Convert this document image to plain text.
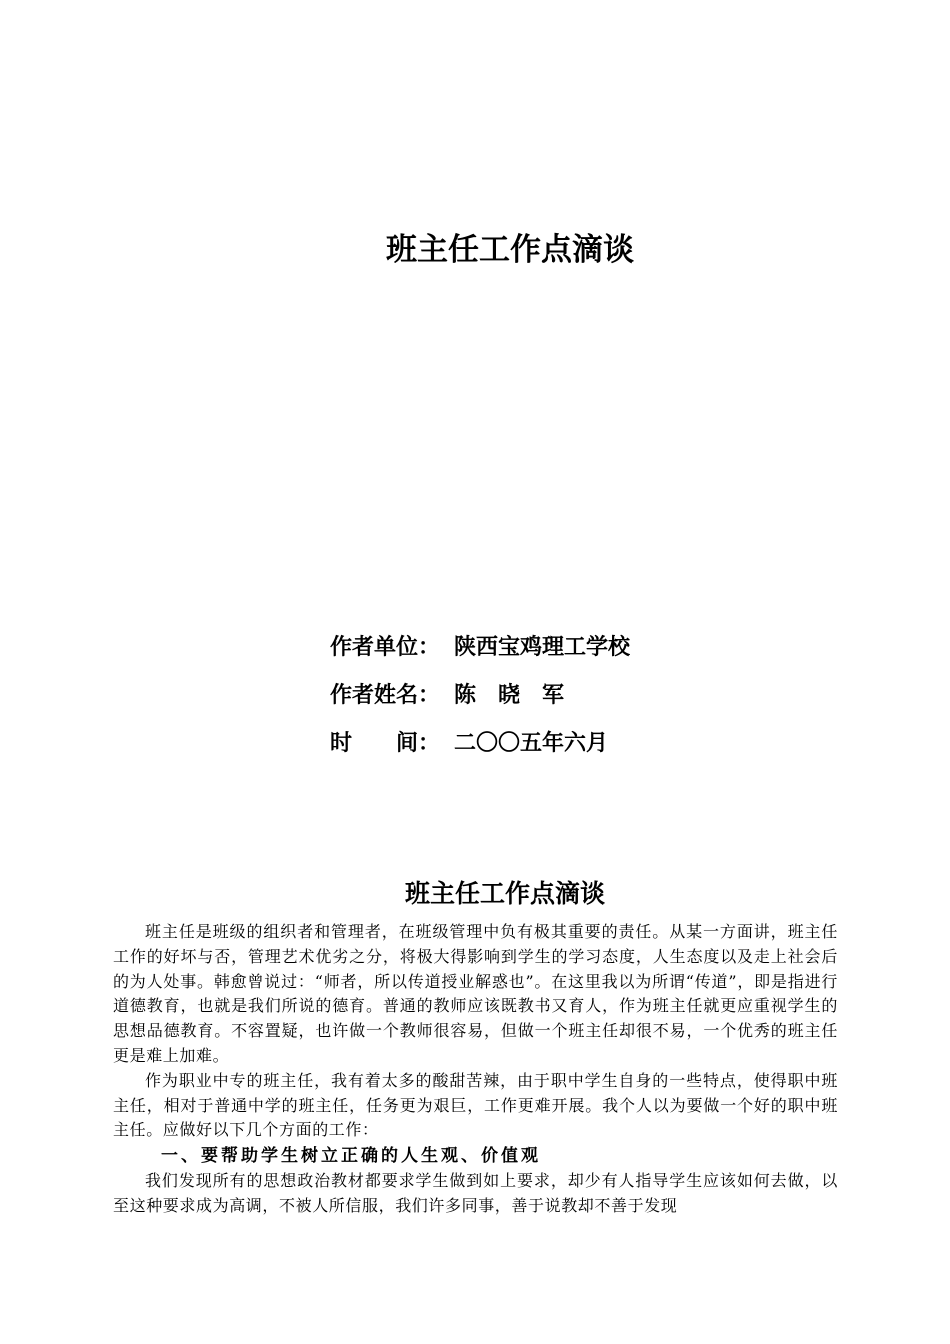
班主任工作点滴谈
作者单位： 陕西宝鸡理工学校
作者姓名： 陈　晓　军
时　　间： 二〇〇五年六月
班主任工作点滴谈

班主任是班级的组织者和管理者，在班级管理中负有极其重要的责任。从某一方面讲，班主任工作的好坏与否，管理艺术优劣之分，将极大得影响到学生的学习态度，人生态度以及走上社会后的为人处事。韩愈曾说过：“师者，所以传道授业解惑也”。在这里我以为所谓“传道”，即是指进行道德教育，也就是我们所说的德育。普通的教师应该既教书又育人，作为班主任就更应重视学生的思想品德教育。不容置疑，也许做一个教师很容易，但做一个班主任却很不易，一个优秀的班主任更是难上加难。

作为职业中专的班主任，我有着太多的酸甜苦辣，由于职中学生自身的一些特点，使得职中班主任，相对于普通中学的班主任，任务更为艰巨，工作更难开展。我个人以为要做一个好的职中班主任。应做好以下几个方面的工作：

一、要帮助学生树立正确的人生观、价值观

我们发现所有的思想政治教材都要求学生做到如上要求，却少有人指导学生应该如何去做，以至这种要求成为高调，不被人所信服，我们许多同事，善于说教却不善于发现
